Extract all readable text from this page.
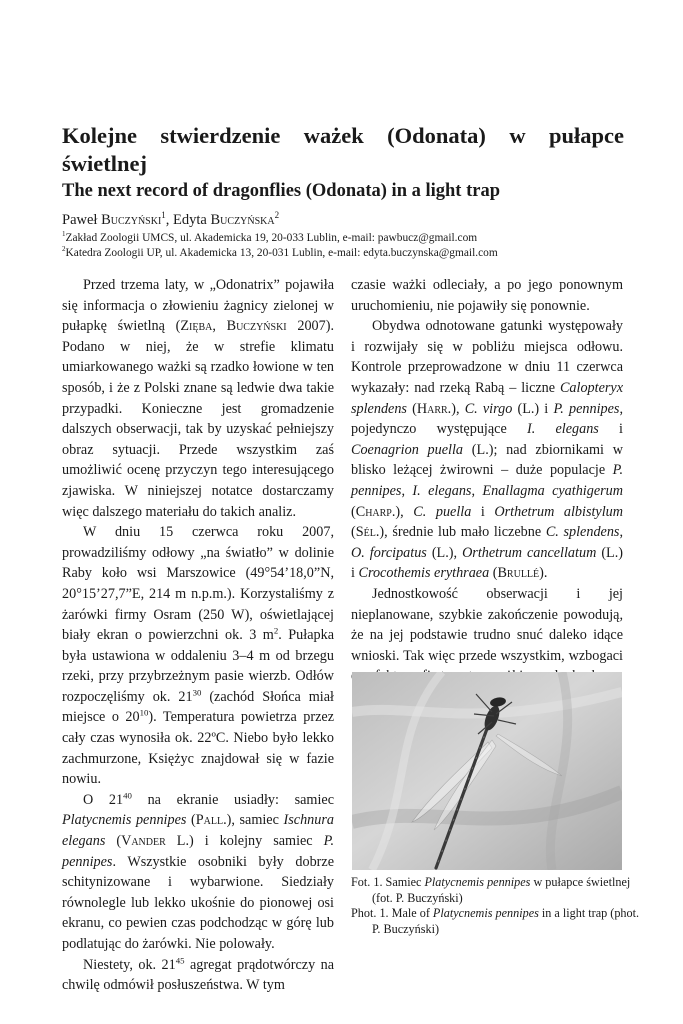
Kolejne stwierdzenie ważek (Odonata) w pułapce świetlnej
The next record of dragonflies (Odonata) in a light trap

Paweł Buczyński$^1$, Edyta Buczyńska$^2$

$^1$Zakład Zoologii UMCS, ul. Akademicka 19, 20-033 Lublin, e-mail: pawbucz@gmail.com

$^2$Katedra Zoologii UP, ul. Akademicka 13, 20-031 Lublin, e-mail: edyta.buczynska@gmail.com

Przed trzema laty, w „Odonatrix” pojawiła się informacja o złowieniu żagnicy zielonej w pułapkę świetlną (Zięba, Buczyński 2007). Podano w niej, że w strefie klimatu umiarkowanego ważki są rzadko łowione w ten sposób, i że z Polski znane są ledwie dwa takie przypadki. Konieczne jest gromadzenie dalszych obserwacji, tak by uzyskać pełniejszy obraz sytuacji. Przede wszystkim zaś umożliwić ocenę przyczyn tego interesującego zjawiska. W niniejszej notatce dostarczamy więc dalszego materiału do takich analiz.

W dniu 15 czerwca roku 2007, prowadziliśmy odłowy „na światło” w dolinie Raby koło wsi Marszowice (49°54’18,0”N, 20°15’27,7”E, 214 m n.p.m.). Korzystaliśmy z żarówki firmy Osram (250 W), oświetlającej biały ekran o powierzchni ok. 3 $m^2$. Pułapka była ustawiona w oddaleniu 3–4 m od brzegu rzeki, przy przybrzeżnym pasie wierzb. Odłów rozpoczęliśmy ok. $21^{30}$ (zachód Słońca miał miejsce o $20^{10}$). Temperatura powietrza przez cały czas wynosiła ok. 22ºC. Niebo było lekko zachmurzone, Księżyc znajdował się w fazie nowiu.

O $21^{40}$ na ekranie usiadły: samiec Platycnemis pennipes (Pall.), samiec Ischnura elegans (Vander L.) i kolejny samiec P. pennipes. Wszystkie osobniki były dobrze schitynizowane i wybarwione. Siedziały równolegle lub lekko ukośnie do pionowej osi ekranu, co pewien czas podchodząc w górę lub podlatując do żarówki. Nie polowały.

Niestety, ok. $21^{45}$ agregat prądotwórczy na chwilę odmówił posłuszeństwa. W tym

czasie ważki odleciały, a po jego ponownym uruchomieniu, nie pojawiły się ponownie.

Obydwa odnotowane gatunki występowały i rozwijały się w pobliżu miejsca odłowu. Kontrole przeprowadzone w dniu 11 czerwca wykazały: nad rzeką Rabą – liczne Calopteryx splendens (Harr.), C. virgo (L.) i P. pennipes, pojedynczo występujące I. elegans i Coenagrion puella (L.); nad zbiornikami w blisko leżącej żwirowni – duże populacje P. pennipes, I. elegans, Enallagma cyathigerum (Charp.), C. puella i Orthetrum albistylum (Sél.), średnie lub mało liczebne C. splendens, O. forcipatus (L.), Orthetrum cancellatum (L.) i Crocothemis erythraea (Brullé).

Jednostkowość obserwacji i jej nieplanowane, szybkie zakończenie powodują, że na jej podstawie trudno snuć daleko idące wnioski. Tak więc przede wszystkim, wzbogaci

Fot. 1. Samiec Platycnemis pennipes w pułapce świetlnej (fot. P. Buczyński)

Phot. 1. Male of Platycnemis pennipes in a light trap (phot. P. Buczyński)
